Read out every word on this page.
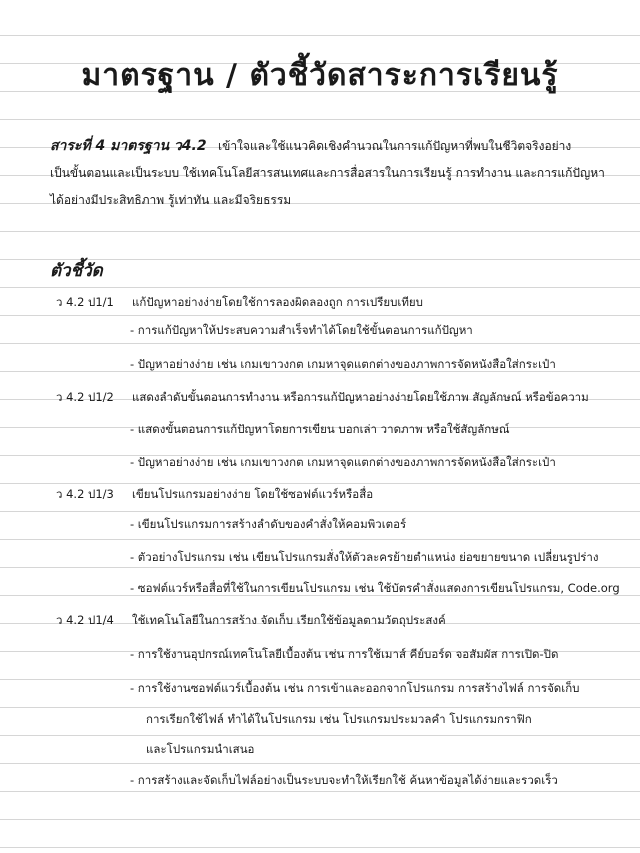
มาตรฐาน / ตัวชี้วัดสาระการเรียนรู้
สาระที่ 4 มาตรฐาน ว4.2 เข้าใจและใช้แนวคิดเชิงคำนวณในการแก้ปัญหาที่พบในชีวิตจริงอย่าง
เป็นขั้นตอนและเป็นระบบ ใช้เทคโนโลยีสารสนเทศและการสื่อสารในการเรียนรู้ การทำงาน และการแก้ปัญหา
ได้อย่างมีประสิทธิภาพ รู้เท่าทัน และมีจริยธรรม
ตัวชี้วัด
ว 4.2 ป1/1 แก้ปัญหาอย่างง่ายโดยใช้การลองผิดลองถูก การเปรียบเทียบ
- การแก้ปัญหาให้ประสบความสำเร็จทำได้โดยใช้ขั้นตอนการแก้ปัญหา
- ปัญหาอย่างง่าย เช่น เกมเขาวงกต เกมหาจุดแตกต่างของภาพการจัดหนังสือใส่กระเป๋า
ว 4.2 ป1/2 แสดงลำดับขั้นตอนการทำงาน หรือการแก้ปัญหาอย่างง่ายโดยใช้ภาพ สัญลักษณ์ หรือข้อความ
- แสดงขั้นตอนการแก้ปัญหาโดยการเขียน บอกเล่า วาดภาพ หรือใช้สัญลักษณ์
- ปัญหาอย่างง่าย เช่น เกมเขาวงกต เกมหาจุดแตกต่างของภาพการจัดหนังสือใส่กระเป๋า
ว 4.2 ป1/3 เขียนโปรแกรมอย่างง่าย โดยใช้ซอฟต์แวร์หรือสื่อ
- เขียนโปรแกรมการสร้างลำดับของคำสั่งให้คอมพิวเตอร์
- ตัวอย่างโปรแกรม เช่น เขียนโปรแกรมสั่งให้ตัวละครย้ายตำแหน่ง ย่อขยายขนาด เปลี่ยนรูปร่าง
- ซอฟต์แวร์หรือสื่อที่ใช้ในการเขียนโปรแกรม เช่น ใช้บัตรคำสั่งแสดงการเขียนโปรแกรม, Code.org
ว 4.2 ป1/4 ใช้เทคโนโลยีในการสร้าง จัดเก็บ เรียกใช้ข้อมูลตามวัตถุประสงค์
- การใช้งานอุปกรณ์เทคโนโลยีเบื้องต้น เช่น การใช้เมาส์ คีย์บอร์ด จอสัมผัส การเปิด-ปิด
- การใช้งานซอฟต์แวร์เบื้องต้น เช่น การเข้าและออกจากโปรแกรม การสร้างไฟล์ การจัดเก็บ
การเรียกใช้ไฟล์ ทำได้ในโปรแกรม เช่น โปรแกรมประมวลคำ โปรแกรมกราฟิก
และโปรแกรมนำเสนอ
- การสร้างและจัดเก็บไฟล์อย่างเป็นระบบจะทำให้เรียกใช้ ค้นหาข้อมูลได้ง่ายและรวดเร็ว
